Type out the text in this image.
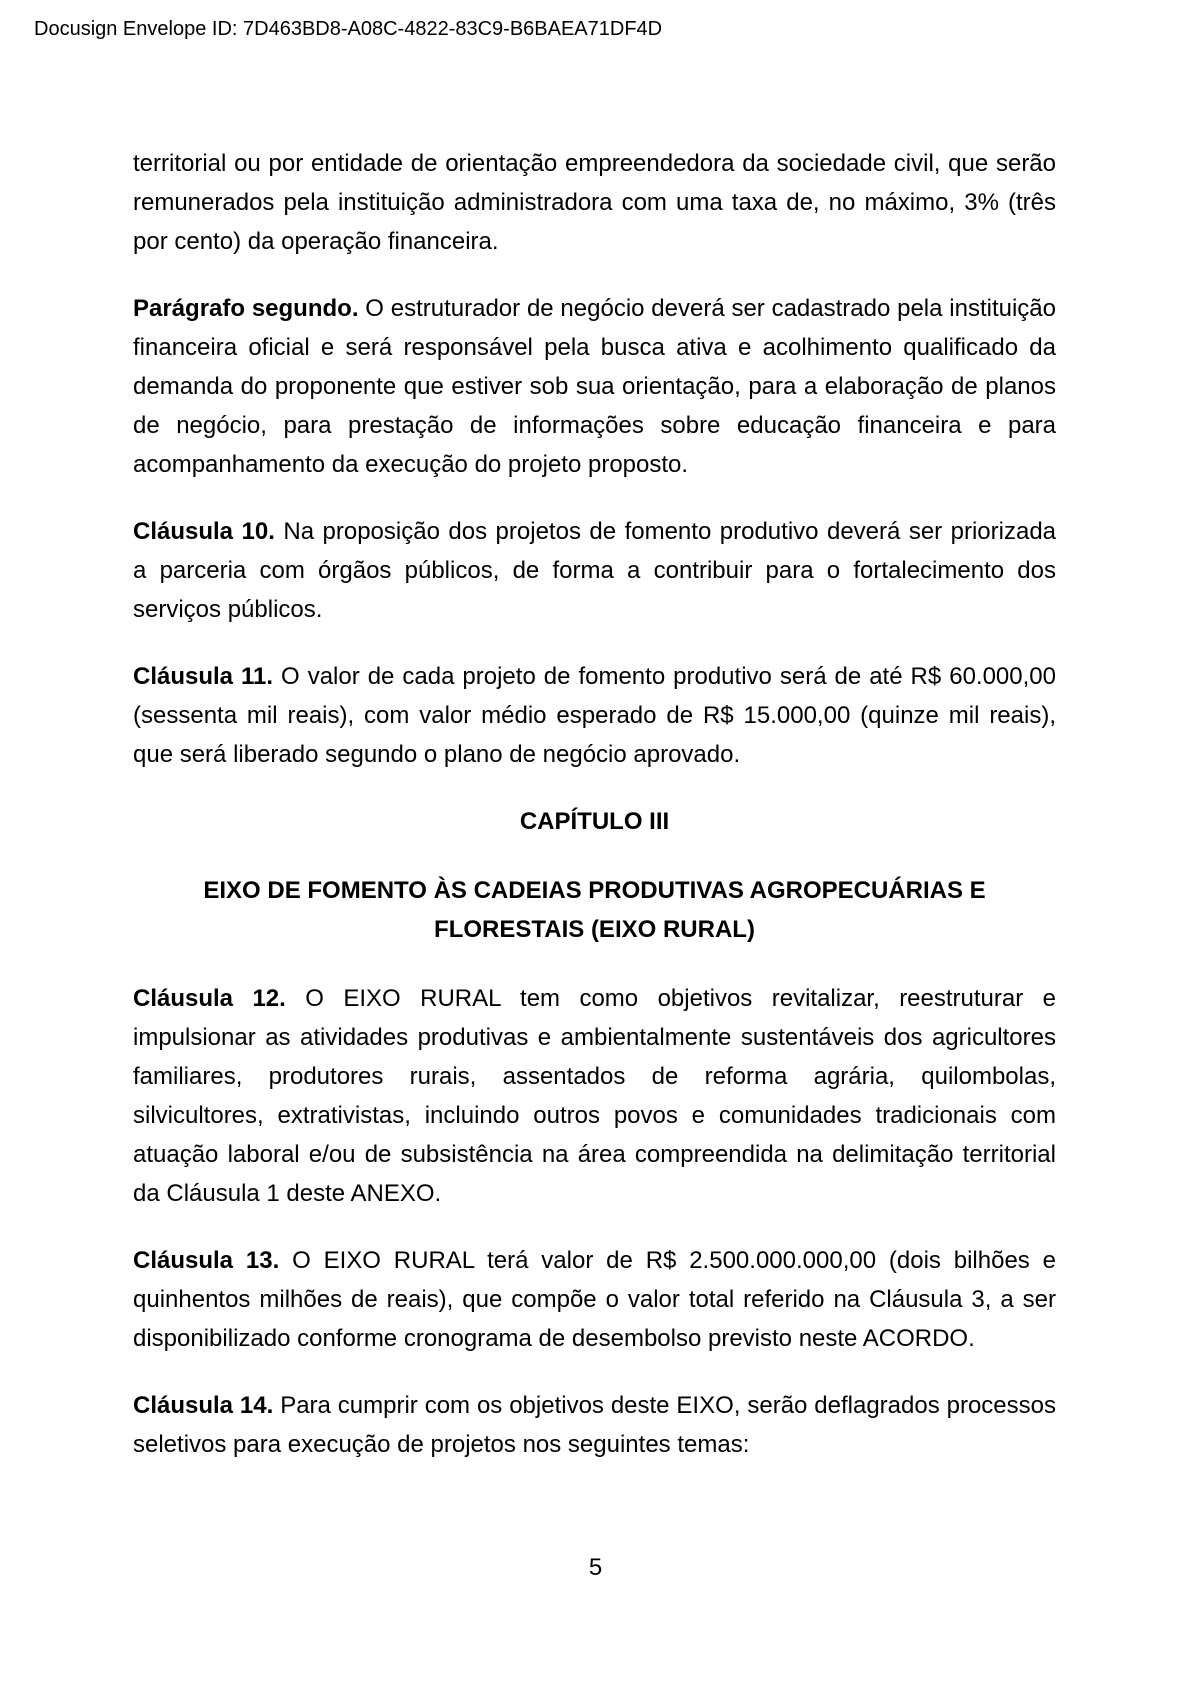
Docusign Envelope ID: 7D463BD8-A08C-4822-83C9-B6BAEA71DF4D

territorial ou por entidade de orientação empreendedora da sociedade civil, que serão remunerados pela instituição administradora com uma taxa de, no máximo, 3% (três por cento) da operação financeira.

Parágrafo segundo. O estruturador de negócio deverá ser cadastrado pela instituição financeira oficial e será responsável pela busca ativa e acolhimento qualificado da demanda do proponente que estiver sob sua orientação, para a elaboração de planos de negócio, para prestação de informações sobre educação financeira e para acompanhamento da execução do projeto proposto.

Cláusula 10. Na proposição dos projetos de fomento produtivo deverá ser priorizada a parceria com órgãos públicos, de forma a contribuir para o fortalecimento dos serviços públicos.

Cláusula 11. O valor de cada projeto de fomento produtivo será de até R$ 60.000,00 (sessenta mil reais), com valor médio esperado de R$ 15.000,00 (quinze mil reais), que será liberado segundo o plano de negócio aprovado.

CAPÍTULO III

EIXO DE FOMENTO ÀS CADEIAS PRODUTIVAS AGROPECUÁRIAS E
FLORESTAIS (EIXO RURAL)

Cláusula 12. O EIXO RURAL tem como objetivos revitalizar, reestruturar e impulsionar as atividades produtivas e ambientalmente sustentáveis dos agricultores familiares, produtores rurais, assentados de reforma agrária, quilombolas, silvicultores, extrativistas, incluindo outros povos e comunidades tradicionais com atuação laboral e/ou de subsistência na área compreendida na delimitação territorial da Cláusula 1 deste ANEXO.

Cláusula 13. O EIXO RURAL terá valor de R$ 2.500.000.000,00 (dois bilhões e quinhentos milhões de reais), que compõe o valor total referido na Cláusula 3, a ser disponibilizado conforme cronograma de desembolso previsto neste ACORDO.

Cláusula 14. Para cumprir com os objetivos deste EIXO, serão deflagrados processos seletivos para execução de projetos nos seguintes temas:

5
